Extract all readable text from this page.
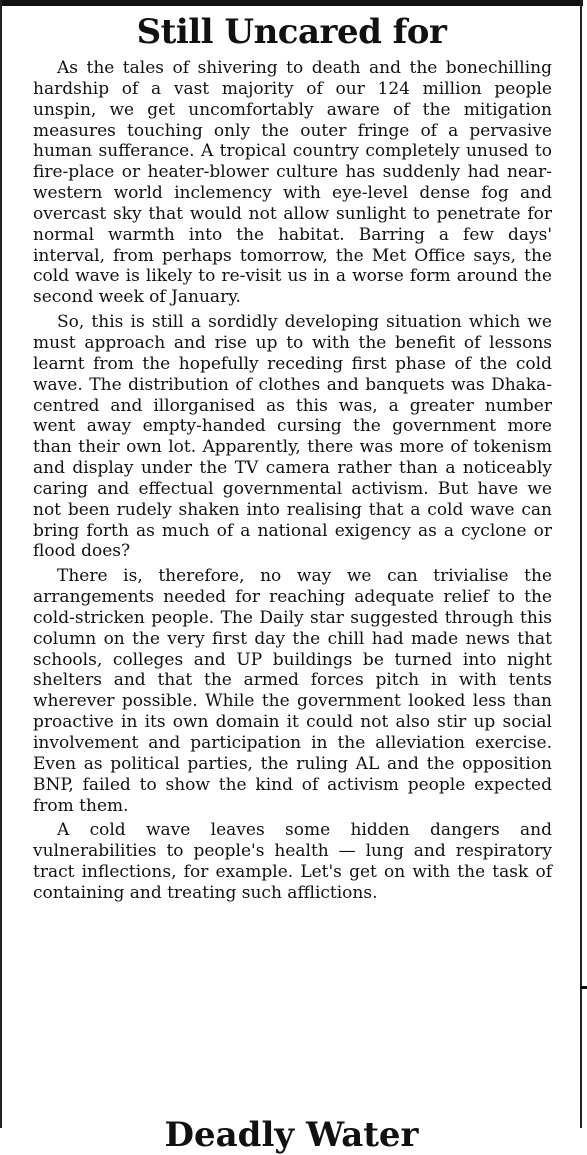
Still Uncared for

As the tales of shivering to death and the bonechilling hardship of a vast majority of our 124 million people unspin, we get uncomfortably aware of the mitigation measures touching only the outer fringe of a pervasive human sufferance. A tropical country completely unused to fire-place or heater-blower culture has suddenly had near-western world inclemency with eye-level dense fog and overcast sky that would not allow sunlight to penetrate for normal warmth into the habitat. Barring a few days' interval, from perhaps tomorrow, the Met Office says, the cold wave is likely to re-visit us in a worse form around the second week of January.

So, this is still a sordidly developing situation which we must approach and rise up to with the benefit of lessons learnt from the hopefully receding first phase of the cold wave. The distribution of clothes and banquets was Dhaka-centred and illorganised as this was, a greater number went away empty-handed cursing the government more than their own lot. Apparently, there was more of tokenism and display under the TV camera rather than a noticeably caring and effectual governmental activism. But have we not been rudely shaken into realising that a cold wave can bring forth as much of a national exigency as a cyclone or flood does?

There is, therefore, no way we can trivialise the arrangements needed for reaching adequate relief to the cold-stricken people. The Daily star suggested through this column on the very first day the chill had made news that schools, colleges and UP buildings be turned into night shelters and that the armed forces pitch in with tents wherever possible. While the government looked less than proactive in its own domain it could not also stir up social involvement and participation in the alleviation exercise. Even as political parties, the ruling AL and the opposition BNP, failed to show the kind of activism people expected from them.

A cold wave leaves some hidden dangers and vulnerabilities to people's health — lung and respiratory tract inflections, for example. Let's get on with the task of containing and treating such afflictions.

Deadly Water
